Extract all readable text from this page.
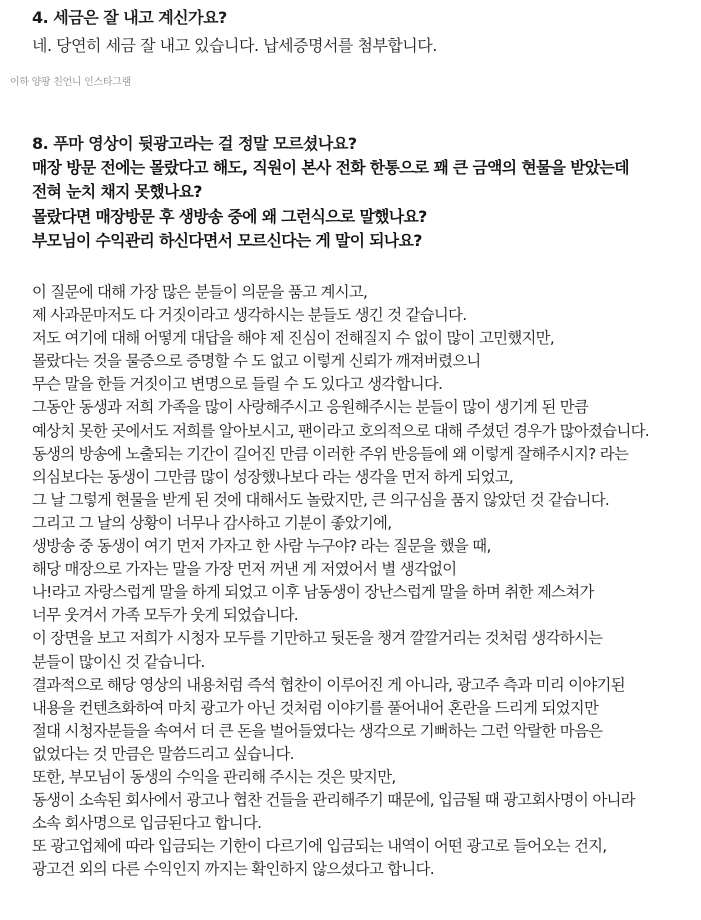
4. 세금은 잘 내고 계신가요?
네. 당연히 세금 잘 내고 있습니다. 납세증명서를 첨부합니다.
이하 양팡 친언니 인스타그램
8. 푸마 영상이 뒷광고라는 걸 정말 모르셨나요?
매장 방문 전에는 몰랐다고 해도, 직원이 본사 전화 한통으로 꽤 큰 금액의 현물을 받았는데
전혀 눈치 채지 못했나요?
몰랐다면 매장방문 후 생방송 중에 왜 그런식으로 말했나요?
부모님이 수익관리 하신다면서 모르신다는 게 말이 되나요?
이 질문에 대해 가장 많은 분들이 의문을 품고 계시고,
제 사과문마저도 다 거짓이라고 생각하시는 분들도 생긴 것 같습니다.
저도 여기에 대해 어떻게 대답을 해야 제 진심이 전해질지 수 없이 많이 고민했지만,
몰랐다는 것을 물증으로 증명할 수 도 없고 이렇게 신뢰가 깨져버렸으니
무슨 말을 한들 거짓이고 변명으로 들릴 수 도 있다고 생각합니다.
그동안 동생과 저희 가족을 많이 사랑해주시고 응원해주시는 분들이 많이 생기게 된 만큼
예상치 못한 곳에서도 저희를 알아보시고, 팬이라고 호의적으로 대해 주셨던 경우가 많아졌습니다.
동생의 방송에 노출되는 기간이 길어진 만큼 이러한 주위 반응들에 왜 이렇게 잘해주시지? 라는
의심보다는 동생이 그만큼 많이 성장했나보다 라는 생각을 먼저 하게 되었고,
그 날 그렇게 현물을 받게 된 것에 대해서도 놀랐지만, 큰 의구심을 품지 않았던 것 같습니다.
그리고 그 날의 상황이 너무나 감사하고 기분이 좋았기에,
생방송 중 동생이 여기 먼저 가자고 한 사람 누구야? 라는 질문을 했을 때,
해당 매장으로 가자는 말을 가장 먼저 꺼낸 게 저였어서 별 생각없이
나!라고 자랑스럽게 말을 하게 되었고 이후 남동생이 장난스럽게 말을 하며 취한 제스쳐가
너무 웃겨서 가족 모두가 웃게 되었습니다.
이 장면을 보고 저희가 시청자 모두를 기만하고 뒷돈을 챙겨 깔깔거리는 것처럼 생각하시는
분들이 많이신 것 같습니다.
결과적으로 해당 영상의 내용처럼 즉석 협찬이 이루어진 게 아니라, 광고주 측과 미리 이야기된
내용을 컨텐츠화하여 마치 광고가 아닌 것처럼 이야기를 풀어내어 혼란을 드리게 되었지만
절대 시청자분들을 속여서 더 큰 돈을 벌어들였다는 생각으로 기뻐하는 그런 악랄한 마음은
없었다는 것 만큼은 말씀드리고 싶습니다.
또한, 부모님이 동생의 수익을 관리해 주시는 것은 맞지만,
동생이 소속된 회사에서 광고나 협찬 건들을 관리해주기 때문에, 입금될 때 광고회사명이 아니라
소속 회사명으로 입금된다고 합니다.
또 광고업체에 따라 입금되는 기한이 다르기에 입금되는 내역이 어떤 광고로 들어오는 건지,
광고건 외의 다른 수익인지 까지는 확인하지 않으셨다고 합니다.
